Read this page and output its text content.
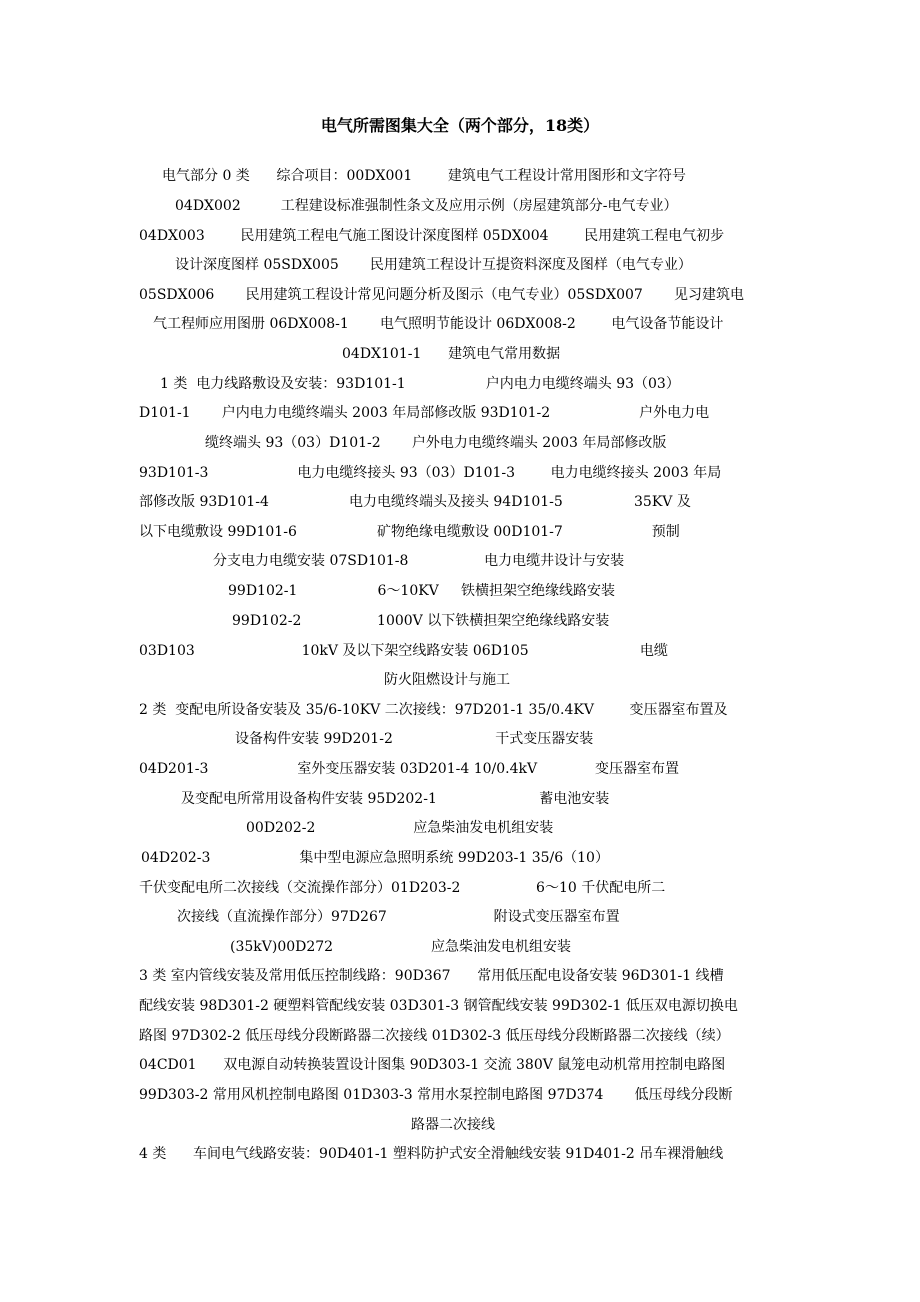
电气所需图集大全（两个部分，18类）
电气部分 0 类      综合项目：00DX001        建筑电气工程设计常用图形和文字符号
04DX002         工程建设标准强制性条文及应用示例（房屋建筑部分-电气专业）
04DX003        民用建筑工程电气施工图设计深度图样 05DX004        民用建筑工程电气初步
设计深度图样 05SDX005       民用建筑工程设计互提资料深度及图样（电气专业）
05SDX006       民用建筑工程设计常见问题分析及图示（电气专业）05SDX007       见习建筑电
气工程师应用图册 06DX008-1       电气照明节能设计 06DX008-2        电气设备节能设计
04DX101-1      建筑电气常用数据
1 类  电力线路敷设及安装：93D101-1                  户内电力电缆终端头 93（03）
D101-1       户内电力电缆终端头 2003 年局部修改版 93D101-2                    户外电力电
缆终端头 93（03）D101-2       户外电力电缆终端头 2003 年局部修改版
93D101-3                    电力电缆终接头 93（03）D101-3        电力电缆终接头 2003 年局
部修改版 93D101-4                  电力电缆终端头及接头 94D101-5                35KV 及
以下电缆敷设 99D101-6                  矿物绝缘电缆敷设 00D101-7                    预制
分支电力电缆安装 07SD101-8                 电力电缆井设计与安装
99D102-1                  6～10KV     铁横担架空绝缘线路安装
99D102-2                 1000V 以下铁横担架空绝缘线路安装
03D103                        10kV 及以下架空线路安装 06D105                         电缆
防火阻燃设计与施工
2 类  变配电所设备安装及 35/6-10KV 二次接线：97D201-1 35/0.4KV        变压器室布置及
设备构件安装 99D201-2                       干式变压器安装
04D201-3                    室外变压器安装 03D201-4 10/0.4kV             变压器室布置
及变配电所常用设备构件安装 95D202-1                       蓄电池安装
00D202-2                      应急柴油发电机组安装
04D202-3                    集中型电源应急照明系统 99D203-1 35/6（10）
千伏变配电所二次接线（交流操作部分）01D203-2                 6～10 千伏配电所二
次接线（直流操作部分）97D267                        附设式变压器室布置
(35kV)00D272                      应急柴油发电机组安装
3 类 室内管线安装及常用低压控制线路：90D367      常用低压配电设备安装 96D301-1 线槽
配线安装 98D301-2 硬塑料管配线安装 03D301-3 钢管配线安装 99D302-1 低压双电源切换电
路图 97D302-2 低压母线分段断路器二次接线 01D302-3 低压母线分段断路器二次接线（续）
04CD01      双电源自动转换装置设计图集 90D303-1 交流 380V 鼠笼电动机常用控制电路图
99D303-2 常用风机控制电路图 01D303-3 常用水泵控制电路图 97D374       低压母线分段断
路器二次接线
4 类      车间电气线路安装：90D401-1 塑料防护式安全滑触线安装 91D401-2 吊车裸滑触线
